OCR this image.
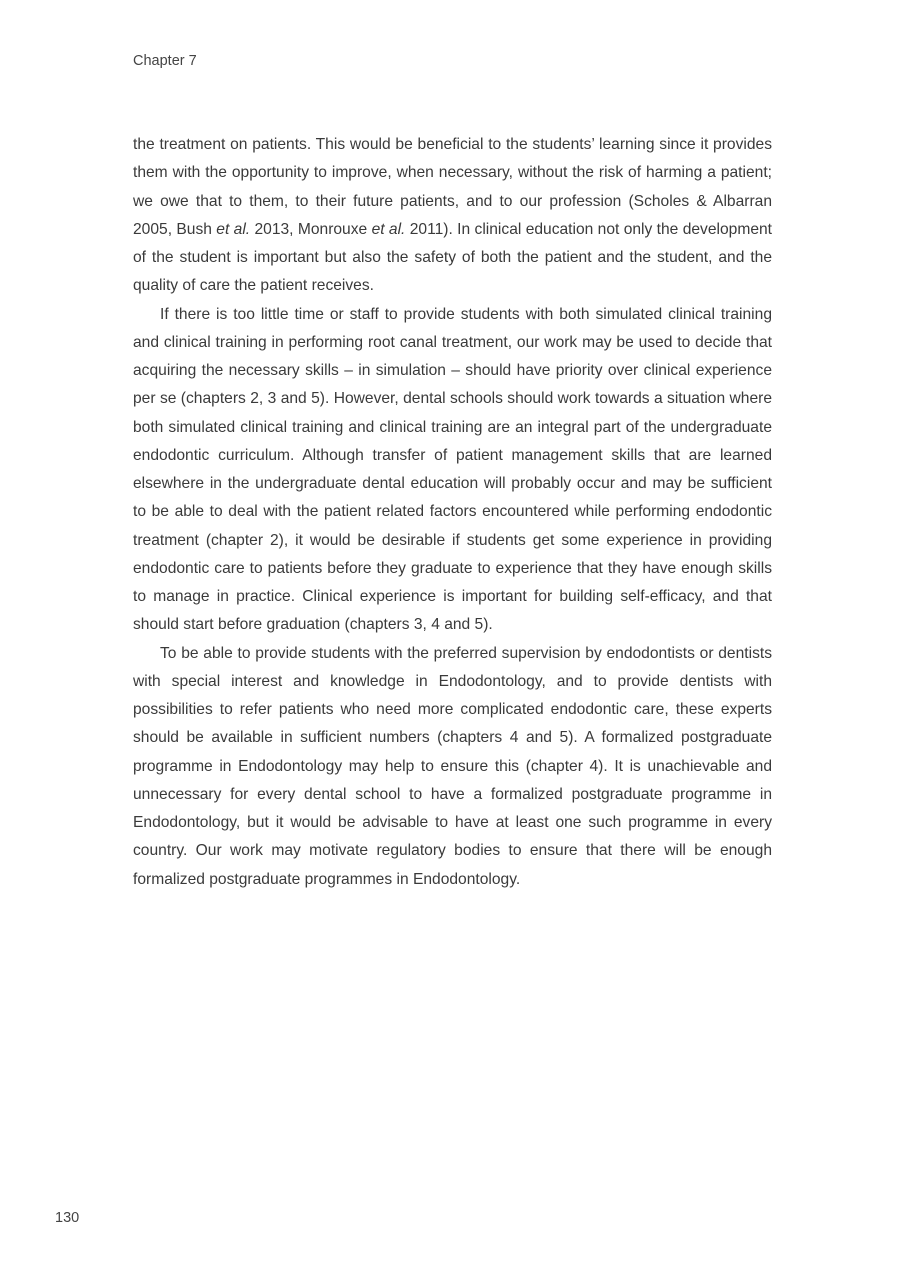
Chapter 7

the treatment on patients. This would be beneficial to the students’ learning since it provides them with the opportunity to improve, when necessary, without the risk of harming a patient; we owe that to them, to their future patients, and to our profession (Scholes & Albarran 2005, Bush et al. 2013, Monrouxe et al. 2011). In clinical education not only the development of the student is important but also the safety of both the patient and the student, and the quality of care the patient receives.

If there is too little time or staff to provide students with both simulated clinical training and clinical training in performing root canal treatment, our work may be used to decide that acquiring the necessary skills – in simulation – should have priority over clinical experience per se (chapters 2, 3 and 5). However, dental schools should work towards a situation where both simulated clinical training and clinical training are an integral part of the undergraduate endodontic curriculum. Although transfer of patient management skills that are learned elsewhere in the undergraduate dental education will probably occur and may be sufficient to be able to deal with the patient related factors encountered while performing endodontic treatment (chapter 2), it would be desirable if students get some experience in providing endodontic care to patients before they graduate to experience that they have enough skills to manage in practice. Clinical experience is important for building self-efficacy, and that should start before graduation (chapters 3, 4 and 5).

To be able to provide students with the preferred supervision by endodontists or dentists with special interest and knowledge in Endodontology, and to provide dentists with possibilities to refer patients who need more complicated endodontic care, these experts should be available in sufficient numbers (chapters 4 and 5). A formalized postgraduate programme in Endodontology may help to ensure this (chapter 4). It is unachievable and unnecessary for every dental school to have a formalized postgraduate programme in Endodontology, but it would be advisable to have at least one such programme in every country. Our work may motivate regulatory bodies to ensure that there will be enough formalized postgraduate programmes in Endodontology.

130
